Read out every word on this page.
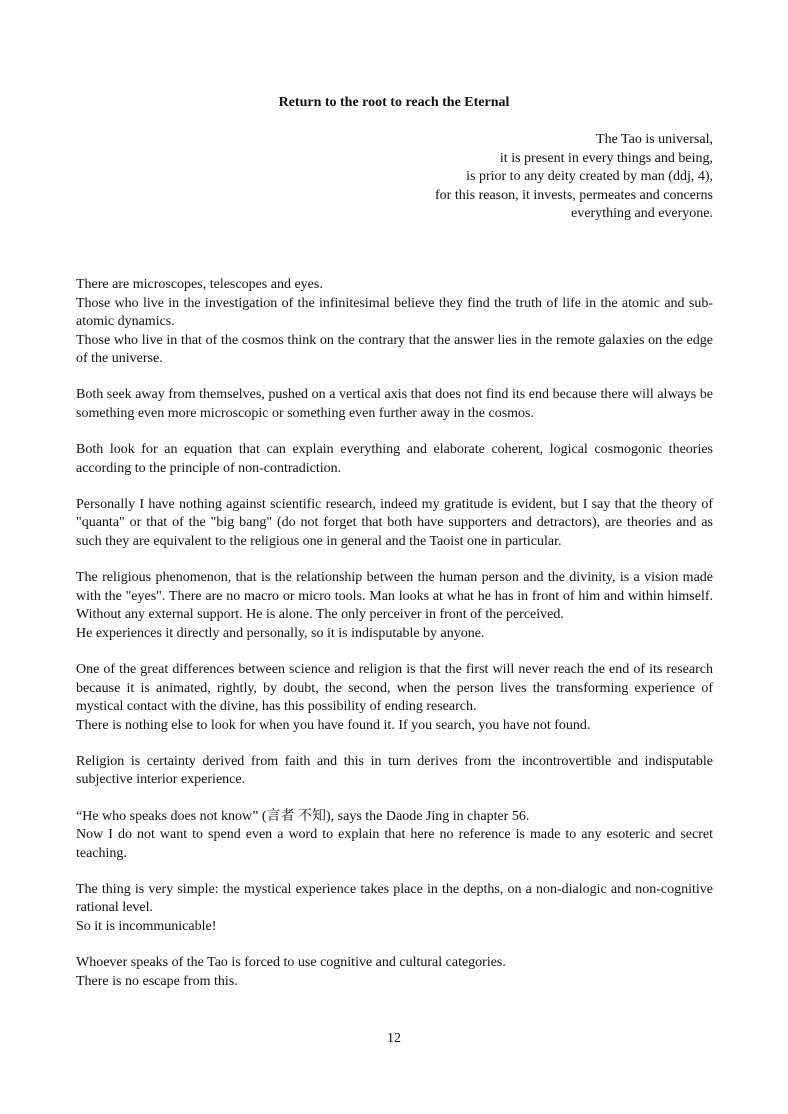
Return to the root to reach the Eternal
The Tao is universal,
it is present in every things and being,
is prior to any deity created by man (ddj, 4),
for this reason, it invests, permeates and concerns
everything and everyone.

There are microscopes, telescopes and eyes.
Those who live in the investigation of the infinitesimal believe they find the truth of life in the atomic and sub-atomic dynamics.
Those who live in that of the cosmos think on the contrary that the answer lies in the remote galaxies on the edge of the universe.

Both seek away from themselves, pushed on a vertical axis that does not find its end because there will always be something even more microscopic or something even further away in the cosmos.

Both look for an equation that can explain everything and elaborate coherent, logical cosmogonic theories according to the principle of non-contradiction.

Personally I have nothing against scientific research, indeed my gratitude is evident, but I say that the theory of "quanta" or that of the "big bang" (do not forget that both have supporters and detractors), are theories and as such they are equivalent to the religious one in general and the Taoist one in particular.

The religious phenomenon, that is the relationship between the human person and the divinity, is a vision made with the "eyes". There are no macro or micro tools. Man looks at what he has in front of him and within himself. Without any external support. He is alone. The only perceiver in front of the perceived.
He experiences it directly and personally, so it is indisputable by anyone.

One of the great differences between science and religion is that the first will never reach the end of its research because it is animated, rightly, by doubt, the second, when the person lives the transforming experience of mystical contact with the divine, has this possibility of ending research.
There is nothing else to look for when you have found it. If you search, you have not found.

Religion is certainty derived from faith and this in turn derives from the incontrovertible and indisputable subjective interior experience.

“He who speaks does not know” (言者 不知), says the Daode Jing in chapter 56.
Now I do not want to spend even a word to explain that here no reference is made to any esoteric and secret teaching.

The thing is very simple: the mystical experience takes place in the depths, on a non-dialogic and non-cognitive rational level.
So it is incommunicable!

Whoever speaks of the Tao is forced to use cognitive and cultural categories.
There is no escape from this.

12
